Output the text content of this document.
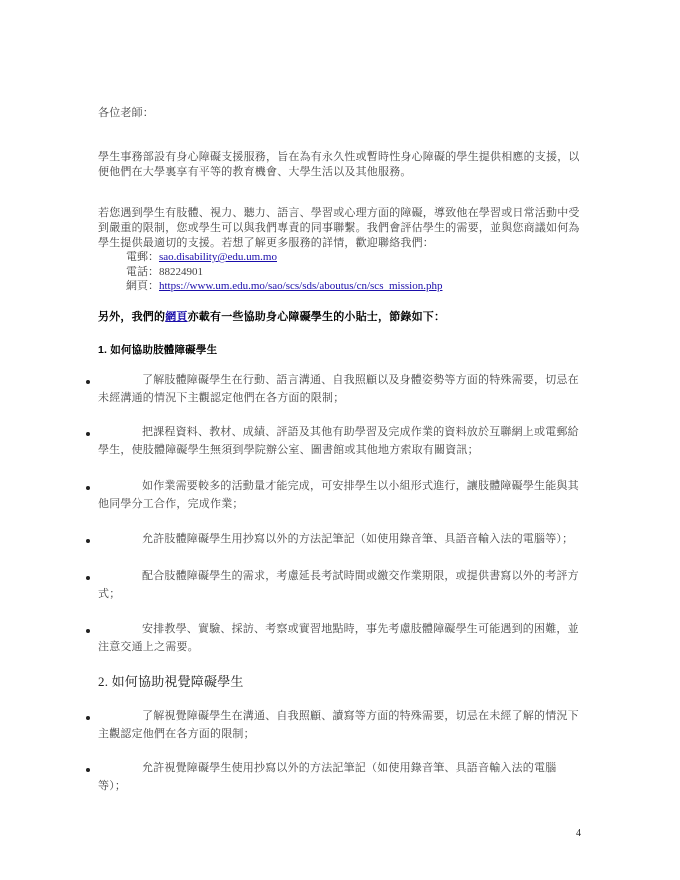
各位老師：
學生事務部設有身心障礙支援服務，旨在為有永久性或暫時性身心障礙的學生提供相應的支援，以便他們在大學裏享有平等的教育機會、大學生活以及其他服務。
若您遇到學生有肢體、視力、聽力、語言、學習或心理方面的障礙，導致他在學習或日常活動中受到嚴重的限制，您或學生可以與我們專責的同事聯繫。我們會評估學生的需要，並與您商議如何為學生提供最適切的支援。若想了解更多服務的詳情，歡迎聯絡我們：
電郵：sao.disability@edu.um.mo
電話：88224901
網頁：https://www.um.edu.mo/sao/scs/sds/aboutus/cn/scs_mission.php
另外，我們的網頁亦載有一些協助身心障礙學生的小貼士，節錄如下：
1. 如何協助肢體障礙學生
了解肢體障礙學生在行動、語言溝通、自我照顧以及身體姿勢等方面的特殊需要，切忌在未經溝通的情況下主觀認定他們在各方面的限制；
把課程資料、教材、成績、評語及其他有助學習及完成作業的資料放於互聯網上或電郵給學生，使肢體障礙學生無須到學院辦公室、圖書館或其他地方索取有關資訊；
如作業需要較多的活動量才能完成，可安排學生以小組形式進行，讓肢體障礙學生能與其他同學分工合作，完成作業；
允許肢體障礙學生用抄寫以外的方法記筆記（如使用錄音筆、具語音輸入法的電腦等）；
配合肢體障礙學生的需求，考慮延長考試時間或繳交作業期限，或提供書寫以外的考評方式；
安排教學、實驗、採訪、考察或實習地點時，事先考慮肢體障礙學生可能遇到的困難，並注意交通上之需要。
2. 如何協助視覺障礙學生
了解視覺障礙學生在溝通、自我照顧、讀寫等方面的特殊需要，切忌在未經了解的情況下主觀認定他們在各方面的限制；
允許視覺障礙學生使用抄寫以外的方法記筆記（如使用錄音筆、具語音輸入法的電腦等）；
4
